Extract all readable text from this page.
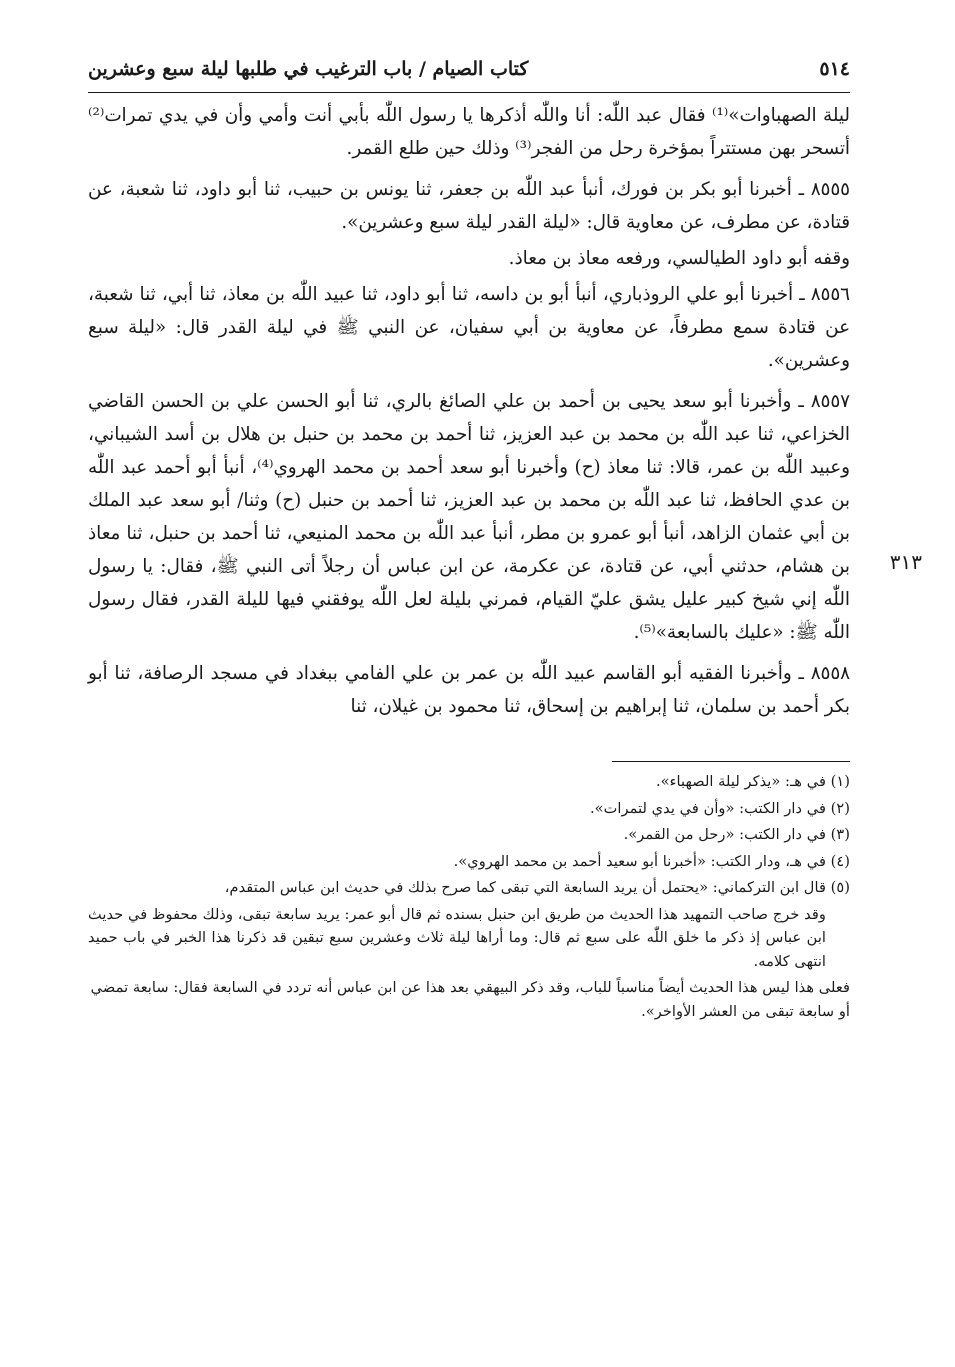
٥١٤
كتاب الصيام / باب الترغيب في طلبها ليلة سبع وعشرين

ليلة الصهباوات»⁽¹⁾ فقال عبد اللّٰه: أنا واللّٰه أذكرها يا رسول اللّٰه بأبي أنت وأمي وأن في يدي تمرات⁽²⁾ أتسحر بهن مستتراً بمؤخرة رحل من الفجر⁽³⁾ وذلك حين طلع القمر.

٨٥٥٥ ـ أخبرنا أبو بكر بن فورك، أنبأ عبد اللّٰه بن جعفر، ثنا يونس بن حبيب، ثنا أبو داود، ثنا شعبة، عن قتادة، عن مطرف، عن معاوية قال: «ليلة القدر ليلة سبع وعشرين».

وقفه أبو داود الطيالسي، ورفعه معاذ بن معاذ.

٨٥٥٦ ـ أخبرنا أبو علي الروذباري، أنبأ أبو بن داسه، ثنا أبو داود، ثنا عبيد اللّٰه بن معاذ، ثنا أبي، ثنا شعبة، عن قتادة سمع مطرفاً، عن معاوية بن أبي سفيان، عن النبي ﷺ في ليلة القدر قال: «ليلة سبع وعشرين».

٣١٣

٨٥٥٧ ـ وأخبرنا أبو سعد يحيى بن أحمد بن علي الصائغ بالري، ثنا أبو الحسن علي بن الحسن القاضي الخزاعي، ثنا عبد اللّٰه بن محمد بن عبد العزيز، ثنا أحمد بن محمد بن حنبل بن هلال بن أسد الشيباني، وعبيد اللّٰه بن عمر، قالا: ثنا معاذ (ح) وأخبرنا أبو سعد أحمد بن محمد الهروي⁽⁴⁾، أنبأ أبو أحمد عبد اللّٰه بن عدي الحافظ، ثنا عبد اللّٰه بن محمد بن عبد العزيز، ثنا أحمد بن حنبل (ح) وثنا/ أبو سعد عبد الملك بن أبي عثمان الزاهد، أنبأ أبو عمرو بن مطر، أنبأ عبد اللّٰه بن محمد المنيعي، ثنا أحمد بن حنبل، ثنا معاذ بن هشام، حدثني أبي، عن قتادة، عن عكرمة، عن ابن عباس أن رجلاً أتى النبي ﷺ، فقال: يا رسول اللّٰه إني شيخ كبير عليل يشق عليّ القيام، فمرني بليلة لعل اللّٰه يوفقني فيها لليلة القدر، فقال رسول اللّٰه ﷺ: «عليك بالسابعة»⁽⁵⁾.

٨٥٥٨ ـ وأخبرنا الفقيه أبو القاسم عبيد اللّٰه بن عمر بن علي الفامي ببغداد في مسجد الرصافة، ثنا أبو بكر أحمد بن سلمان، ثنا إبراهيم بن إسحاق، ثنا محمود بن غيلان، ثنا

(١) في هـ: «يذكر ليلة الصهباء».
(٢) في دار الكتب: «وأن في يدي لتمرات».
(٣) في دار الكتب: «رحل من القمر».
(٤) في هـ، ودار الكتب: «أخبرنا أبو سعيد أحمد بن محمد الهروي».
(٥) قال ابن التركماني: «يحتمل أن يريد السابعة التي تبقى كما صرح بذلك في حديث ابن عباس المتقدم،
وقد خرج صاحب التمهيد هذا الحديث من طريق ابن حنبل بسنده ثم قال أبو عمر: يريد سابعة تبقى، وذلك محفوظ في حديث ابن عباس إذ ذكر ما خلق اللّٰه على سبع ثم قال: وما أراها ليلة ثلاث وعشرين سبع تبقين قد ذكرنا هذا الخبر في باب حميد انتهى كلامه.
فعلى هذا ليس هذا الحديث أيضاً مناسباً للباب، وقد ذكر البيهقي بعد هذا عن ابن عباس أنه تردد في السابعة فقال: سابعة تمضي أو سابعة تبقى من العشر الأواخر».
